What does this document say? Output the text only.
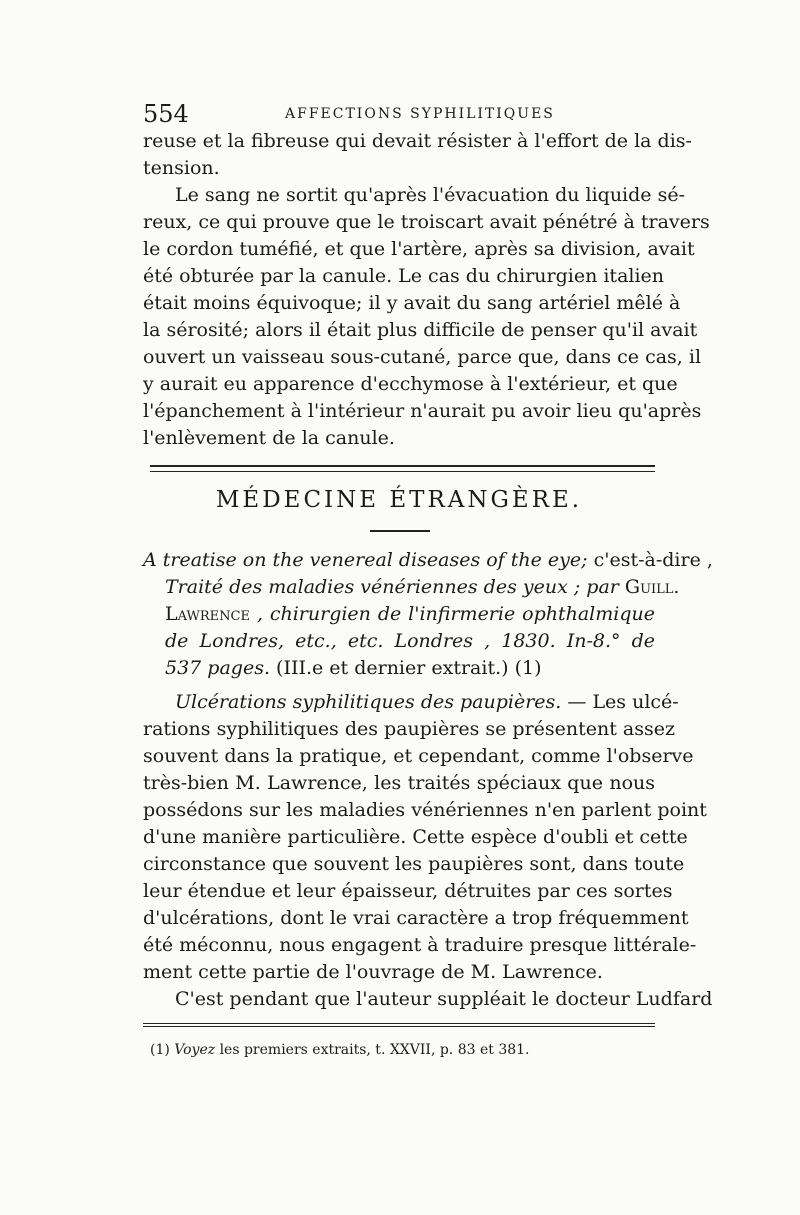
554	AFFECTIONS SYPHILITIQUES
reuse et la fibreuse qui devait résister à l'effort de la dis-
tension.
Le sang ne sortit qu'après l'évacuation du liquide sé-
reux, ce qui prouve que le troiscart avait pénétré à travers
le cordon tuméfié, et que l'artère, après sa division, avait
été obturée par la canule. Le cas du chirurgien italien
était moins équivoque; il y avait du sang artériel mêlé à
la sérosité; alors il était plus difficile de penser qu'il avait
ouvert un vaisseau sous-cutané, parce que, dans ce cas, il
y aurait eu apparence d'ecchymose à l'extérieur, et que
l'épanchement à l'intérieur n'aurait pu avoir lieu qu'après
l'enlèvement de la canule.
MÉDECINE ÉTRANGÈRE.
A treatise on the venereal diseases of the eye; c'est-à-dire ,
Traité des maladies vénériennes des yeux ; par Guill.
Lawrence , chirurgien de l'infirmerie ophthalmique
de Londres, etc., etc. Londres , 1830. In-8.° de
537 pages. (III.e et dernier extrait.) (1)
Ulcérations syphilitiques des paupières. — Les ulcé-
rations syphilitiques des paupières se présentent assez
souvent dans la pratique, et cependant, comme l'observe
très-bien M. Lawrence, les traités spéciaux que nous
possédons sur les maladies vénériennes n'en parlent point
d'une manière particulière. Cette espèce d'oubli et cette
circonstance que souvent les paupières sont, dans toute
leur étendue et leur épaisseur, détruites par ces sortes
d'ulcérations, dont le vrai caractère a trop fréquemment
été méconnu, nous engagent à traduire presque littérale-
ment cette partie de l'ouvrage de M. Lawrence.
C'est pendant que l'auteur suppléait le docteur Ludfard
(1) Voyez les premiers extraits, t. XXVII, p. 83 et 381.
